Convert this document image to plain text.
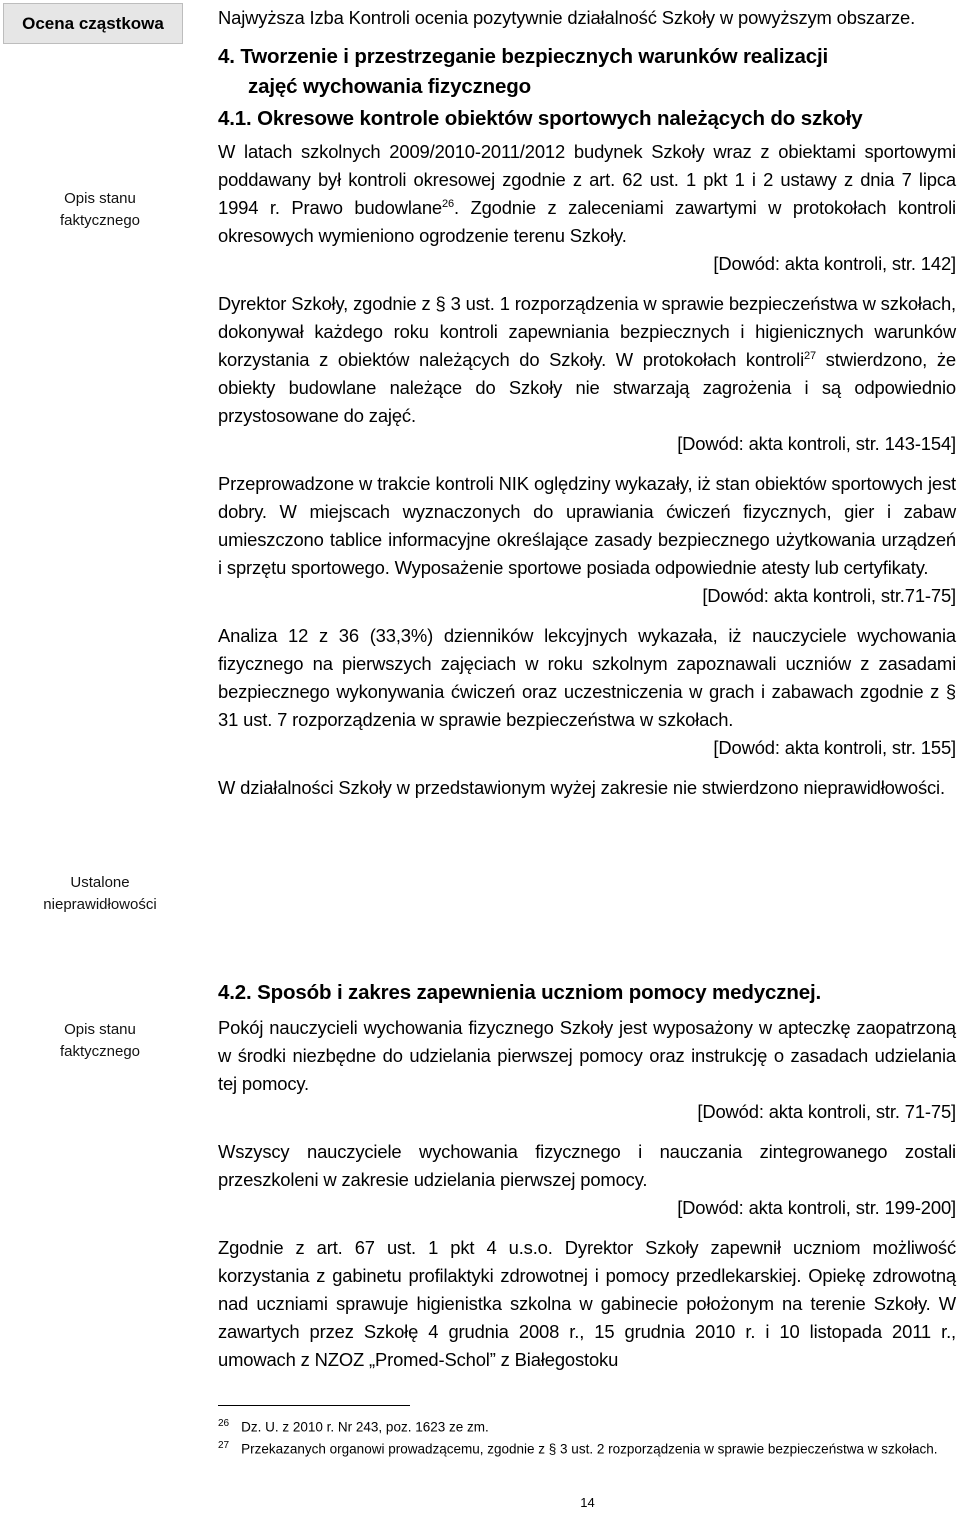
Ocena cząstkowa
Opis stanu
faktycznego
Ustalone
nieprawidłowości
Opis stanu
faktycznego

Najwyższa Izba Kontroli ocenia pozytywnie działalność Szkoły w powyższym obszarze.

4. Tworzenie i przestrzeganie bezpiecznych warunków realizacji
zajęć wychowania fizycznego
4.1. Okresowe kontrole obiektów sportowych należących do szkoły

W latach szkolnych 2009/2010-2011/2012 budynek Szkoły wraz z obiektami sportowymi poddawany był kontroli okresowej zgodnie z art. 62 ust. 1 pkt 1 i 2 ustawy z dnia 7 lipca 1994 r. Prawo budowlane$^{26}$. Zgodnie z zaleceniami zawartymi w protokołach kontroli okresowych wymieniono ogrodzenie terenu Szkoły.

[Dowód: akta kontroli, str. 142]

Dyrektor Szkoły, zgodnie z § 3 ust. 1 rozporządzenia w sprawie bezpieczeństwa w szkołach, dokonywał każdego roku kontroli zapewniania bezpiecznych i higienicznych warunków korzystania z obiektów należących do Szkoły. W protokołach kontroli$^{27}$ stwierdzono, że obiekty budowlane należące do Szkoły nie stwarzają zagrożenia i są odpowiednio przystosowane do zajęć.

[Dowód: akta kontroli, str. 143-154]

Przeprowadzone w trakcie kontroli NIK oględziny wykazały, iż stan obiektów sportowych jest dobry. W miejscach wyznaczonych do uprawiania ćwiczeń fizycznych, gier i zabaw umieszczono tablice informacyjne określające zasady bezpiecznego użytkowania urządzeń i sprzętu sportowego. Wyposażenie sportowe posiada odpowiednie atesty lub certyfikaty.

[Dowód: akta kontroli, str.71-75]

Analiza 12 z 36 (33,3%) dzienników lekcyjnych wykazała, iż nauczyciele wychowania fizycznego na pierwszych zajęciach w roku szkolnym zapoznawali uczniów z zasadami bezpiecznego wykonywania ćwiczeń oraz uczestniczenia w grach i zabawach zgodnie z § 31 ust. 7 rozporządzenia w sprawie bezpieczeństwa w szkołach.

[Dowód: akta kontroli, str. 155]

W działalności Szkoły w przedstawionym wyżej zakresie nie stwierdzono nieprawidłowości.

4.2. Sposób i zakres zapewnienia uczniom pomocy medycznej.

Pokój nauczycieli wychowania fizycznego Szkoły jest wyposażony w apteczkę zaopatrzoną w środki niezbędne do udzielania pierwszej pomocy oraz instrukcję o zasadach udzielania tej pomocy.

[Dowód: akta kontroli, str. 71-75]

Wszyscy nauczyciele wychowania fizycznego i nauczania zintegrowanego zostali przeszkoleni w zakresie udzielania pierwszej pomocy.

[Dowód: akta kontroli, str. 199-200]

Zgodnie z art. 67 ust. 1 pkt 4 u.s.o. Dyrektor Szkoły zapewnił uczniom możliwość korzystania z gabinetu profilaktyki zdrowotnej i pomocy przedlekarskiej. Opiekę zdrowotną nad uczniami sprawuje higienistka szkolna w gabinecie położonym na terenie Szkoły. W zawartych przez Szkołę 4 grudnia 2008 r., 15 grudnia 2010 r. i 10 listopada 2011 r., umowach z NZOZ „Promed-Schol” z Białegostoku

$^{26}$ Dz. U. z 2010 r. Nr 243, poz. 1623 ze zm.
$^{27}$ Przekazanych organowi prowadzącemu, zgodnie z § 3 ust. 2 rozporządzenia w sprawie bezpieczeństwa w szkołach.
14
